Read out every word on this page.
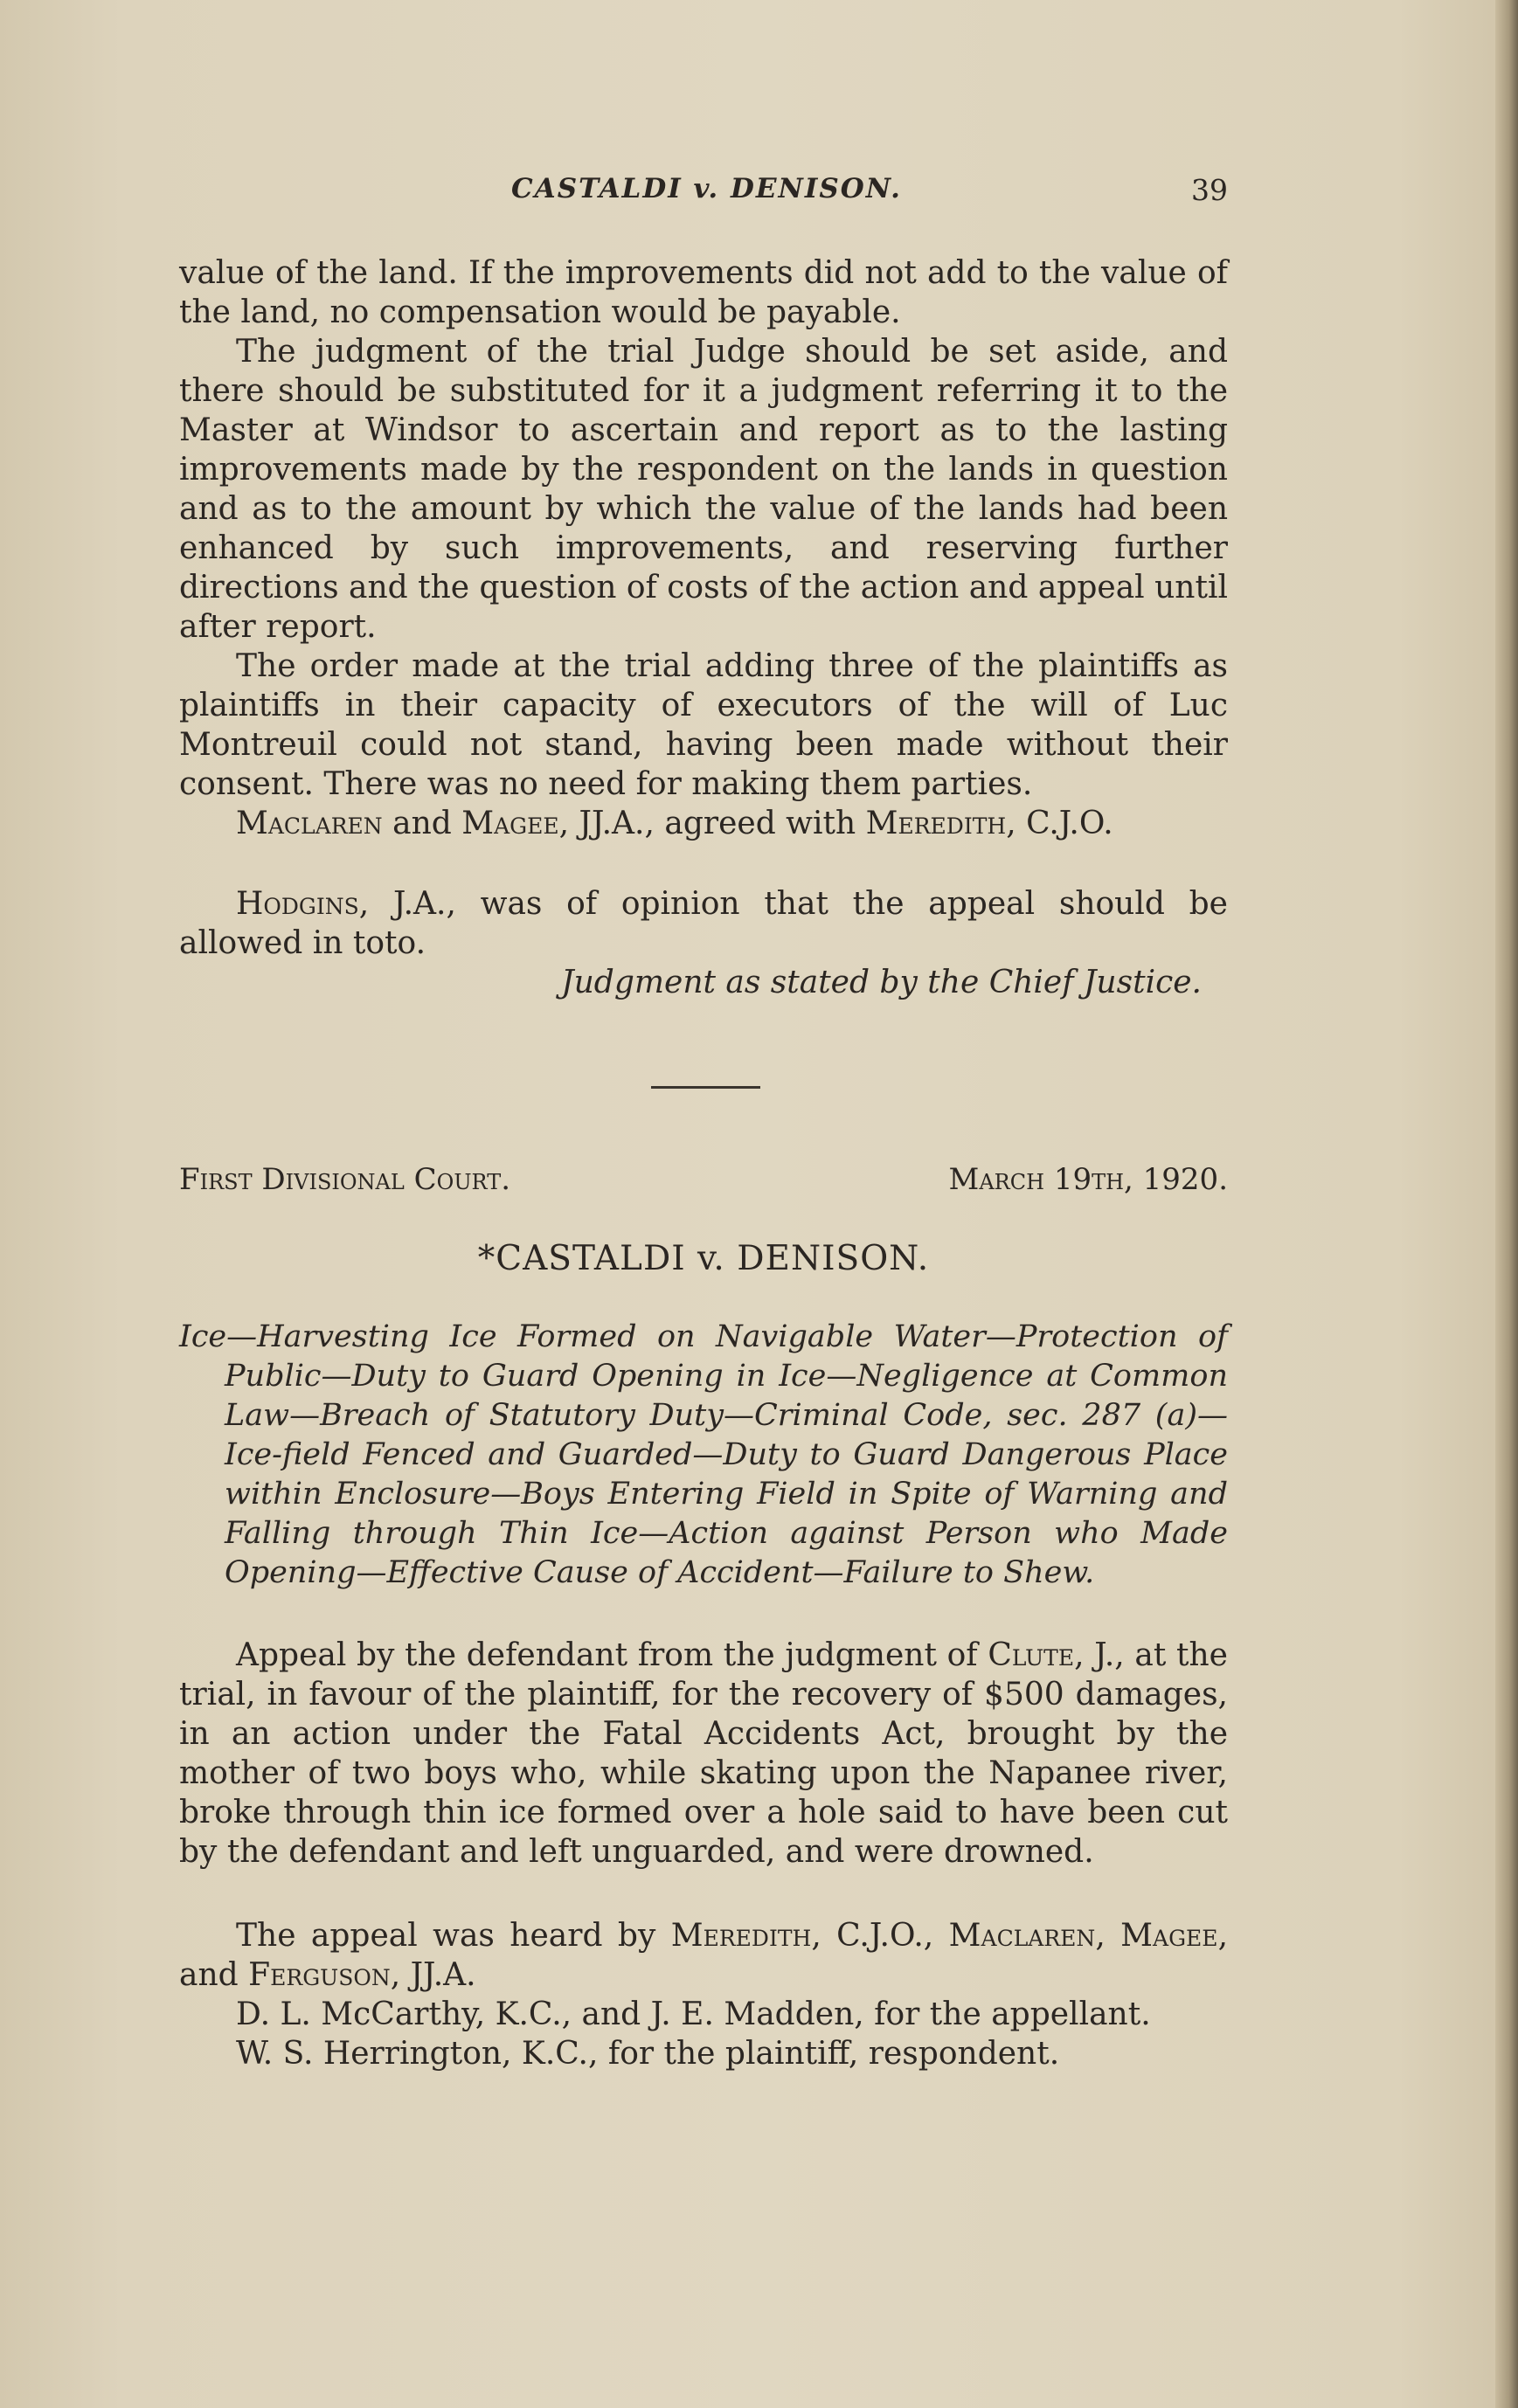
CASTALDI v. DENISON.	39

value of the land. If the improvements did not add to the value of the land, no compensation would be payable.

The judgment of the trial Judge should be set aside, and there should be substituted for it a judgment referring it to the Master at Windsor to ascertain and report as to the lasting improvements made by the respondent on the lands in question and as to the amount by which the value of the lands had been enhanced by such improvements, and reserving further directions and the question of costs of the action and appeal until after report.

The order made at the trial adding three of the plaintiffs as plaintiffs in their capacity of executors of the will of Luc Montreuil could not stand, having been made without their consent. There was no need for making them parties.

Maclaren and Magee, JJ.A., agreed with Meredith, C.J.O.

Hodgins, J.A., was of opinion that the appeal should be allowed in toto.

Judgment as stated by the Chief Justice.

First Divisional Court.	March 19th, 1920.
*CASTALDI v. DENISON.
Ice—Harvesting Ice Formed on Navigable Water—Protection of Public—Duty to Guard Opening in Ice—Negligence at Common Law—Breach of Statutory Duty—Criminal Code, sec. 287 (a)—Ice-field Fenced and Guarded—Duty to Guard Dangerous Place within Enclosure—Boys Entering Field in Spite of Warning and Falling through Thin Ice—Action against Person who Made Opening—Effective Cause of Accident—Failure to Shew.

Appeal by the defendant from the judgment of Clute, J., at the trial, in favour of the plaintiff, for the recovery of $500 damages, in an action under the Fatal Accidents Act, brought by the mother of two boys who, while skating upon the Napanee river, broke through thin ice formed over a hole said to have been cut by the defendant and left unguarded, and were drowned.

The appeal was heard by Meredith, C.J.O., Maclaren, Magee, and Ferguson, JJ.A.

D. L. McCarthy, K.C., and J. E. Madden, for the appellant.

W. S. Herrington, K.C., for the plaintiff, respondent.
